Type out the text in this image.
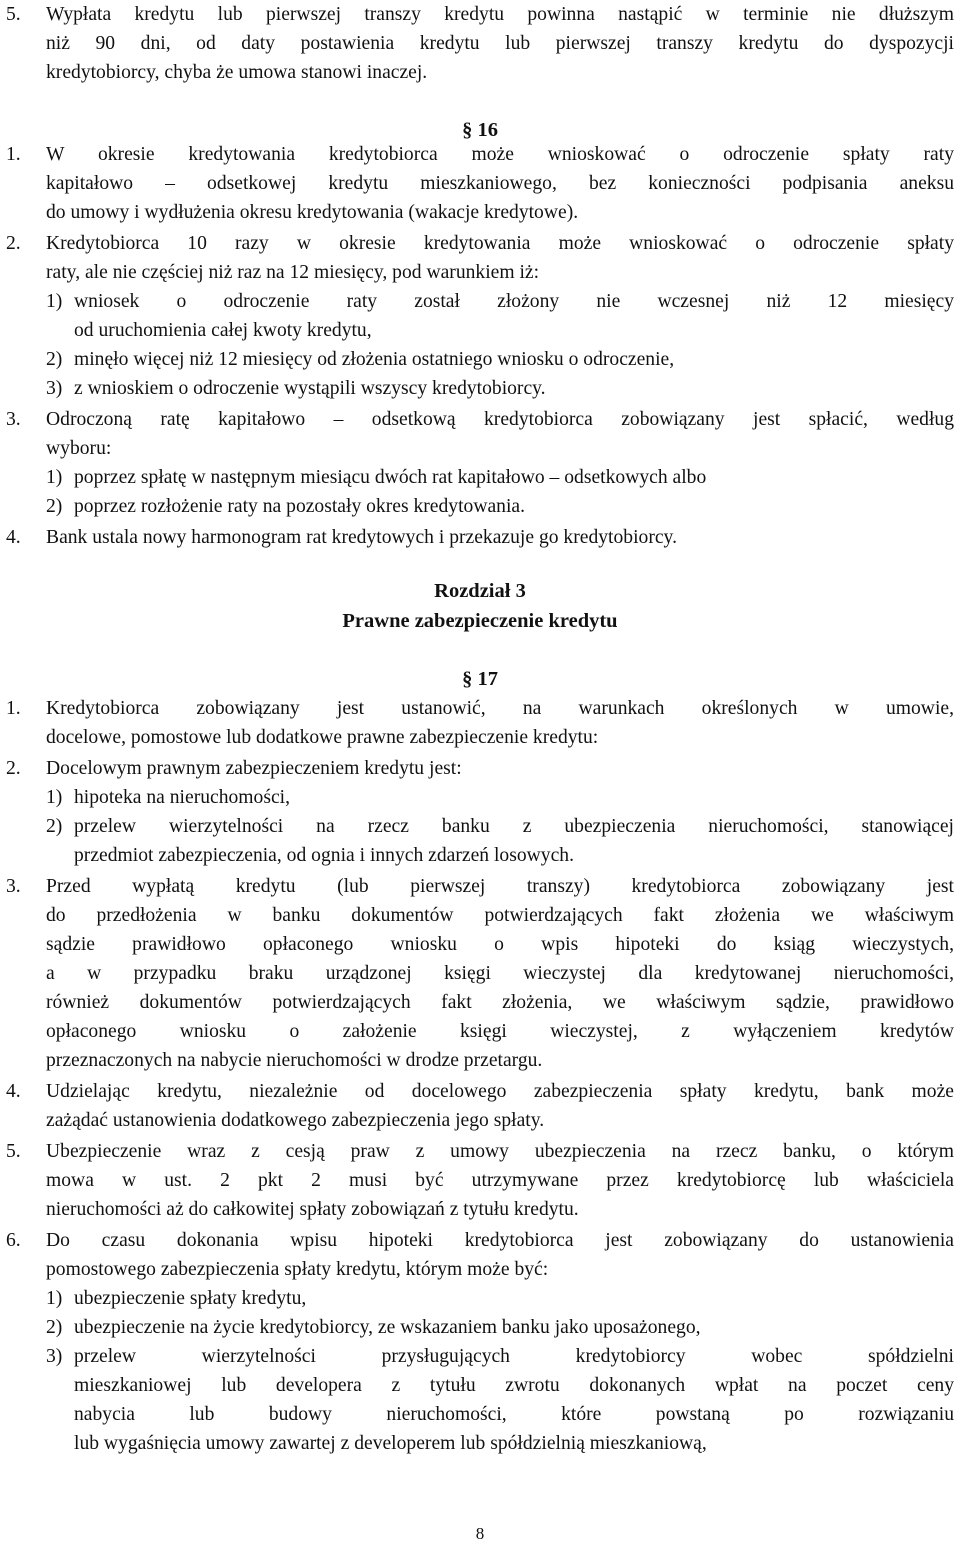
5. Wypłata kredytu lub pierwszej transzy kredytu powinna nastąpić w terminie nie dłuższym
niż 90 dni, od daty postawienia kredytu lub pierwszej transzy kredytu do dyspozycji
kredytobiorcy, chyba że umowa stanowi inaczej.
§ 16
1. W okresie kredytowania kredytobiorca może wnioskować o odroczenie spłaty raty
kapitałowo – odsetkowej kredytu mieszkaniowego, bez konieczności podpisania aneksu
do umowy i wydłużenia okresu kredytowania (wakacje kredytowe).
2. Kredytobiorca 10 razy w okresie kredytowania może wnioskować o odroczenie spłaty
raty, ale nie częściej niż raz na 12 miesięcy, pod warunkiem iż:
1) wniosek o odroczenie raty został złożony nie wczesnej niż 12 miesięcy
od uruchomienia całej kwoty kredytu,
2) minęło więcej niż 12 miesięcy od złożenia ostatniego wniosku o odroczenie,
3) z wnioskiem o odroczenie wystąpili wszyscy kredytobiorcy.
3. Odroczoną ratę kapitałowo – odsetkową kredytobiorca zobowiązany jest spłacić, według
wyboru:
1) poprzez spłatę w następnym miesiącu dwóch rat kapitałowo – odsetkowych albo
2) poprzez rozłożenie raty na pozostały okres kredytowania.
4. Bank ustala nowy harmonogram rat kredytowych i przekazuje go kredytobiorcy.
Rozdział 3
Prawne zabezpieczenie kredytu
§ 17
1. Kredytobiorca zobowiązany jest ustanowić, na warunkach określonych w umowie,
docelowe, pomostowe lub dodatkowe prawne zabezpieczenie kredytu:
2. Docelowym prawnym zabezpieczeniem kredytu jest:
1) hipoteka na nieruchomości,
2) przelew wierzytelności na rzecz banku z ubezpieczenia nieruchomości, stanowiącej
przedmiot zabezpieczenia, od ognia i innych zdarzeń losowych.
3. Przed wypłatą kredytu (lub pierwszej transzy) kredytobiorca zobowiązany jest
do przedłożenia w banku dokumentów potwierdzających fakt złożenia we właściwym
sądzie prawidłowo opłaconego wniosku o wpis hipoteki do ksiąg wieczystych,
a w przypadku braku urządzonej księgi wieczystej dla kredytowanej nieruchomości,
również dokumentów potwierdzających fakt złożenia, we właściwym sądzie, prawidłowo
opłaconego wniosku o założenie księgi wieczystej, z wyłączeniem kredytów
przeznaczonych na nabycie nieruchomości w drodze przetargu.
4. Udzielając kredytu, niezależnie od docelowego zabezpieczenia spłaty kredytu, bank może
zażądać ustanowienia dodatkowego zabezpieczenia jego spłaty.
5. Ubezpieczenie wraz z cesją praw z umowy ubezpieczenia na rzecz banku, o którym
mowa w ust. 2 pkt 2 musi być utrzymywane przez kredytobiorcę lub właściciela
nieruchomości aż do całkowitej spłaty zobowiązań z tytułu kredytu.
6. Do czasu dokonania wpisu hipoteki kredytobiorca jest zobowiązany do ustanowienia
pomostowego zabezpieczenia spłaty kredytu, którym może być:
1) ubezpieczenie spłaty kredytu,
2) ubezpieczenie na życie kredytobiorcy, ze wskazaniem banku jako uposażonego,
3) przelew wierzytelności przysługujących kredytobiorcy wobec spółdzielni
mieszkaniowej lub developera z tytułu zwrotu dokonanych wpłat na poczet ceny
nabycia lub budowy nieruchomości, które powstaną po rozwiązaniu
lub wygaśnięcia umowy zawartej z developerem lub spółdzielnią mieszkaniową,
8
